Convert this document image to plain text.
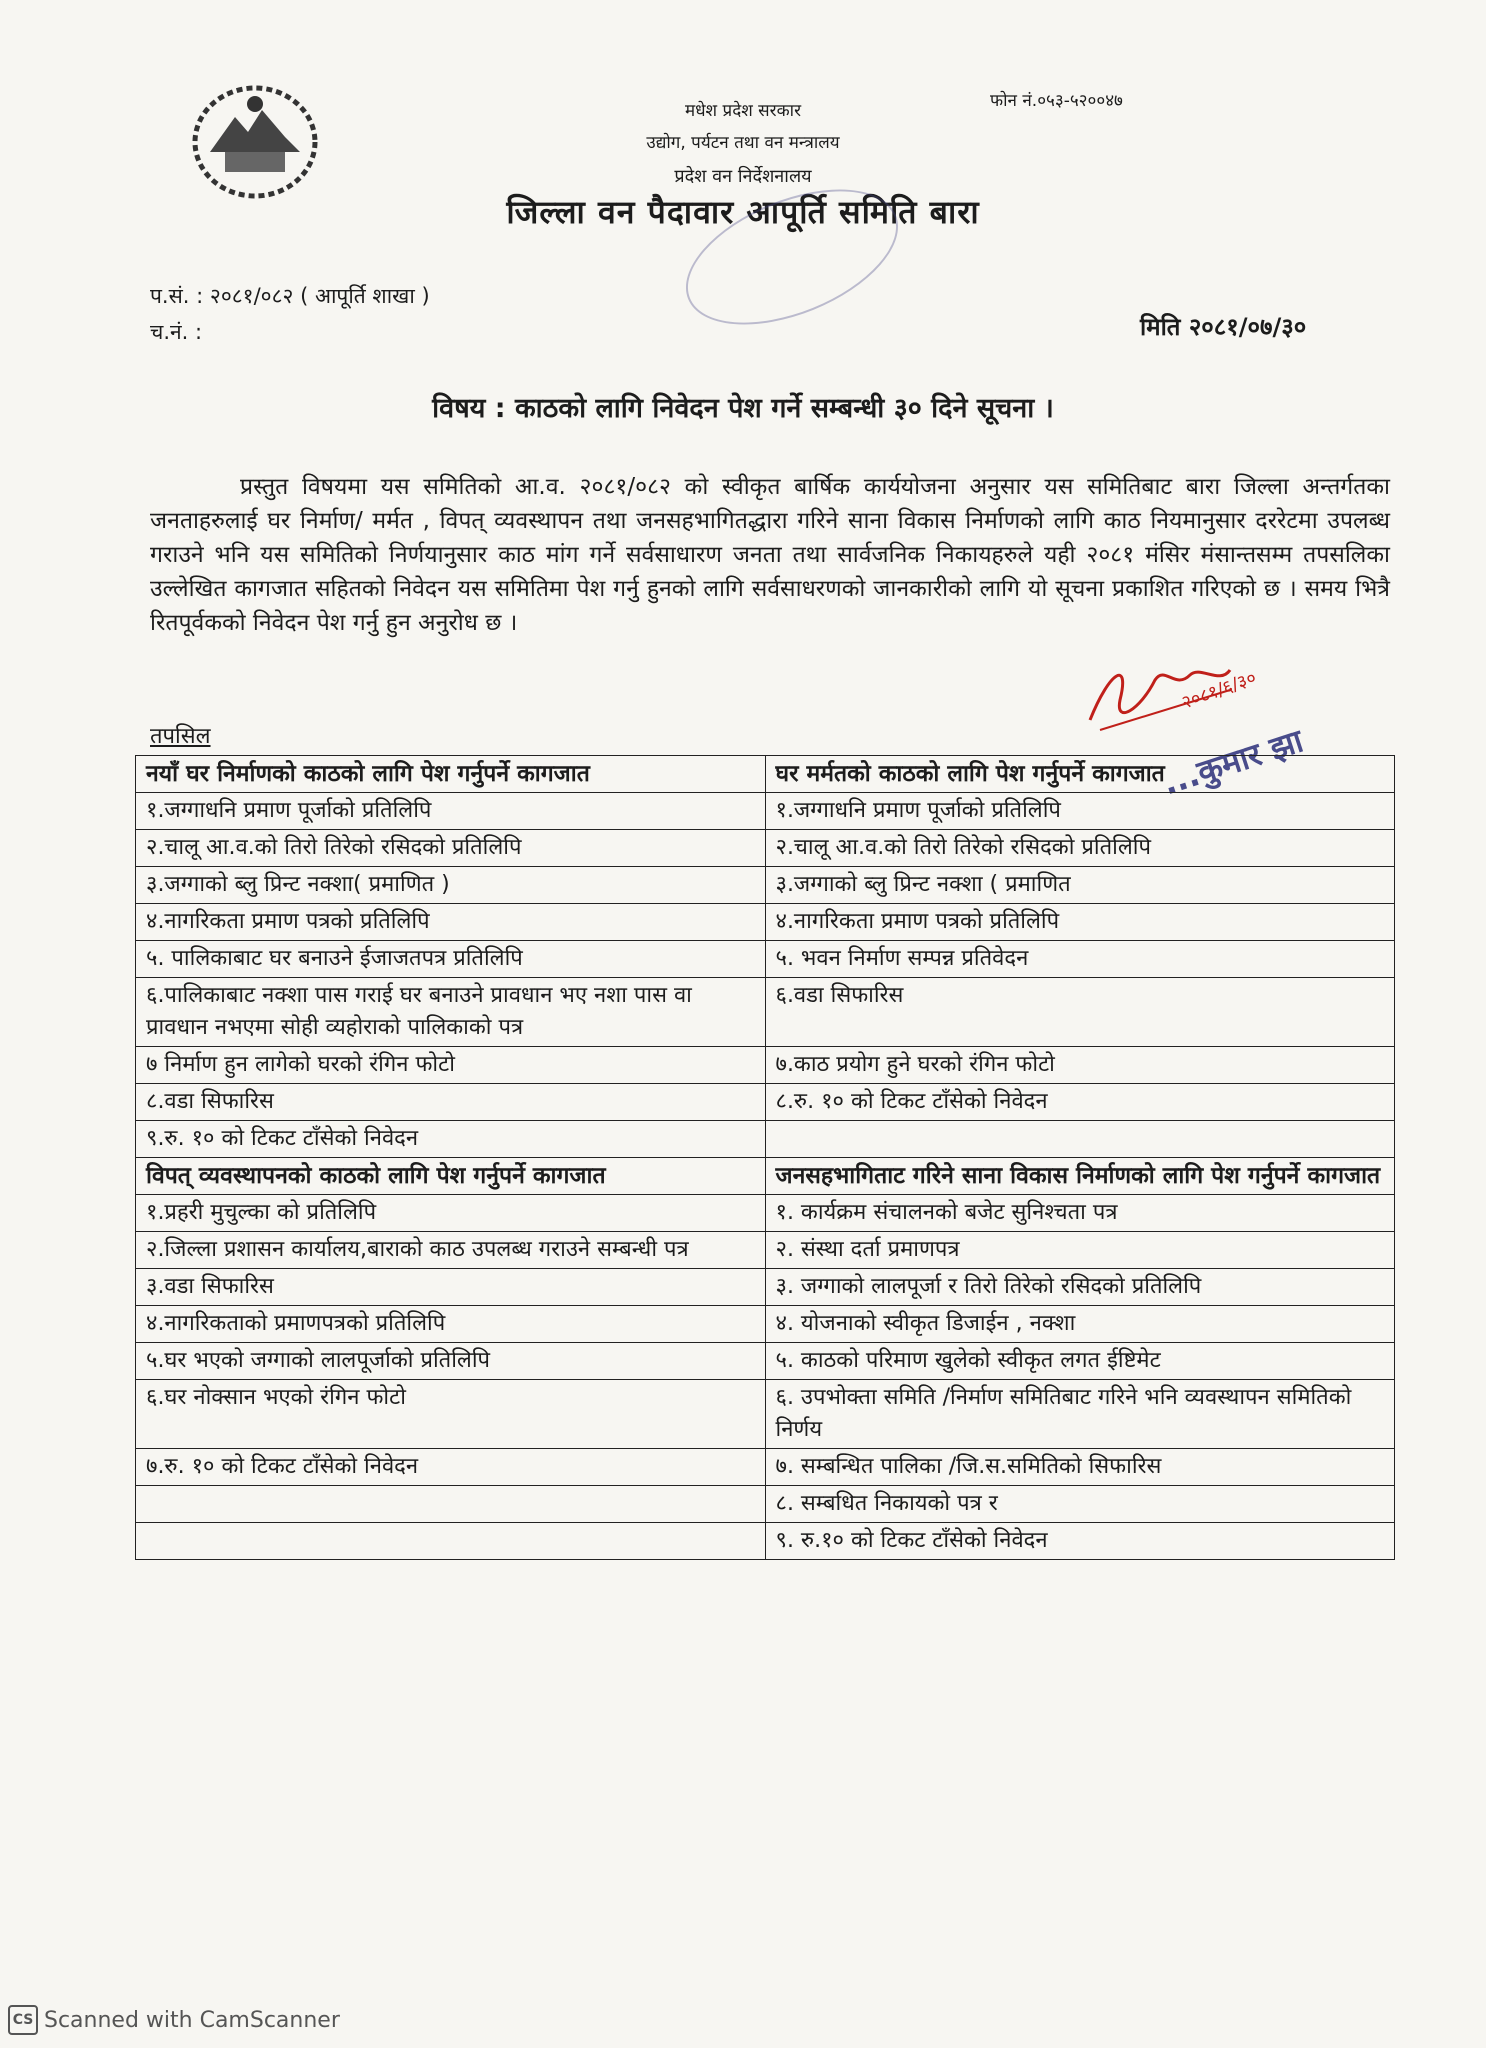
मधेश प्रदेश सरकार
उद्योग, पर्यटन तथा वन मन्त्रालय
प्रदेश वन निर्देशनालय
जिल्ला वन पैदावार आपूर्ति समिति बारा
फोन नं.०५३-५२००४७
प.सं. : २०८१/०८२ ( आपूर्ति शाखा )
च.नं. :	मिति २०८१/०७/३०
विषय : काठको लागि निवेदन पेश गर्ने सम्बन्धी ३० दिने सूचना ।
प्रस्तुत विषयमा यस समितिको आ.व. २०८१/०८२ को स्वीकृत बार्षिक कार्ययोजना अनुसार यस समितिबाट बारा जिल्ला अन्तर्गतका जनताहरुलाई घर निर्माण/ मर्मत , विपत् व्यवस्थापन तथा जनसहभागितद्धारा गरिने साना विकास निर्माणको लागि काठ नियमानुसार दररेटमा उपलब्ध गराउने भनि यस समितिको निर्णयानुसार काठ मांग गर्ने सर्वसाधारण जनता तथा सार्वजनिक निकायहरुले यही २०८१ मंसिर मंसान्तसम्म तपसलिका उल्लेखित कागजात सहितको निवेदन यस समितिमा पेश गर्नु हुनको लागि सर्वसाधरणको जानकारीको लागि यो सूचना प्रकाशित गरिएको छ । समय भित्रै रितपूर्वकको निवेदन पेश गर्नु हुन अनुरोध छ ।
२०८१/६/३०
...कुमार झा
तपसिल
नयाँ घर निर्माणको काठको लागि पेश गर्नुपर्ने कागजात	घर मर्मतको काठको लागि पेश गर्नुपर्ने कागजात
१.जग्गाधनि प्रमाण पूर्जाको प्रतिलिपि	१.जग्गाधनि प्रमाण पूर्जाको प्रतिलिपि
२.चालू आ.व.को तिरो तिरेको रसिदको प्रतिलिपि	२.चालू आ.व.को तिरो तिरेको रसिदको प्रतिलिपि
३.जग्गाको ब्लु प्रिन्ट नक्शा( प्रमाणित )	३.जग्गाको ब्लु प्रिन्ट नक्शा ( प्रमाणित
४.नागरिकता प्रमाण पत्रको प्रतिलिपि	४.नागरिकता प्रमाण पत्रको प्रतिलिपि
५. पालिकाबाट घर बनाउने ईजाजतपत्र प्रतिलिपि	५. भवन निर्माण सम्पन्न प्रतिवेदन
६.पालिकाबाट नक्शा पास गराई घर बनाउने प्रावधान भए नशा पास वा प्रावधान नभएमा सोही व्यहोराको पालिकाको पत्र	६.वडा सिफारिस
७ निर्माण हुन लागेको घरको रंगिन फोटो	७.काठ प्रयोग हुने घरको रंगिन फोटो
८.वडा सिफारिस	८.रु. १० को टिकट टाँसेको निवेदन
९.रु. १० को टिकट टाँसेको निवेदन	
विपत् व्यवस्थापनको काठको लागि पेश गर्नुपर्ने कागजात	जनसहभागिताट गरिने साना विकास निर्माणको लागि पेश गर्नुपर्ने कागजात
१.प्रहरी मुचुल्का को प्रतिलिपि	१. कार्यक्रम संचालनको बजेट सुनिश्चता पत्र
२.जिल्ला प्रशासन कार्यालय,बाराको काठ उपलब्ध गराउने सम्बन्धी पत्र	२. संस्था दर्ता प्रमाणपत्र
३.वडा सिफारिस	३. जग्गाको लालपूर्जा र तिरो तिरेको रसिदको प्रतिलिपि
४.नागरिकताको प्रमाणपत्रको प्रतिलिपि	४. योजनाको स्वीकृत डिजाईन , नक्शा
५.घर भएको जग्गाको लालपूर्जाको प्रतिलिपि	५. काठको परिमाण खुलेको स्वीकृत लगत ईष्टिमेट
६.घर नोक्सान भएको रंगिन फोटो	६. उपभोक्ता समिति /निर्माण समितिबाट गरिने भनि व्यवस्थापन समितिको निर्णय
७.रु. १० को टिकट टाँसेको निवेदन	७. सम्बन्धित पालिका /जि.स.समितिको सिफारिस
	८. सम्बधित निकायको पत्र र
	९. रु.१० को टिकट टाँसेको निवेदन
CS Scanned with CamScanner
